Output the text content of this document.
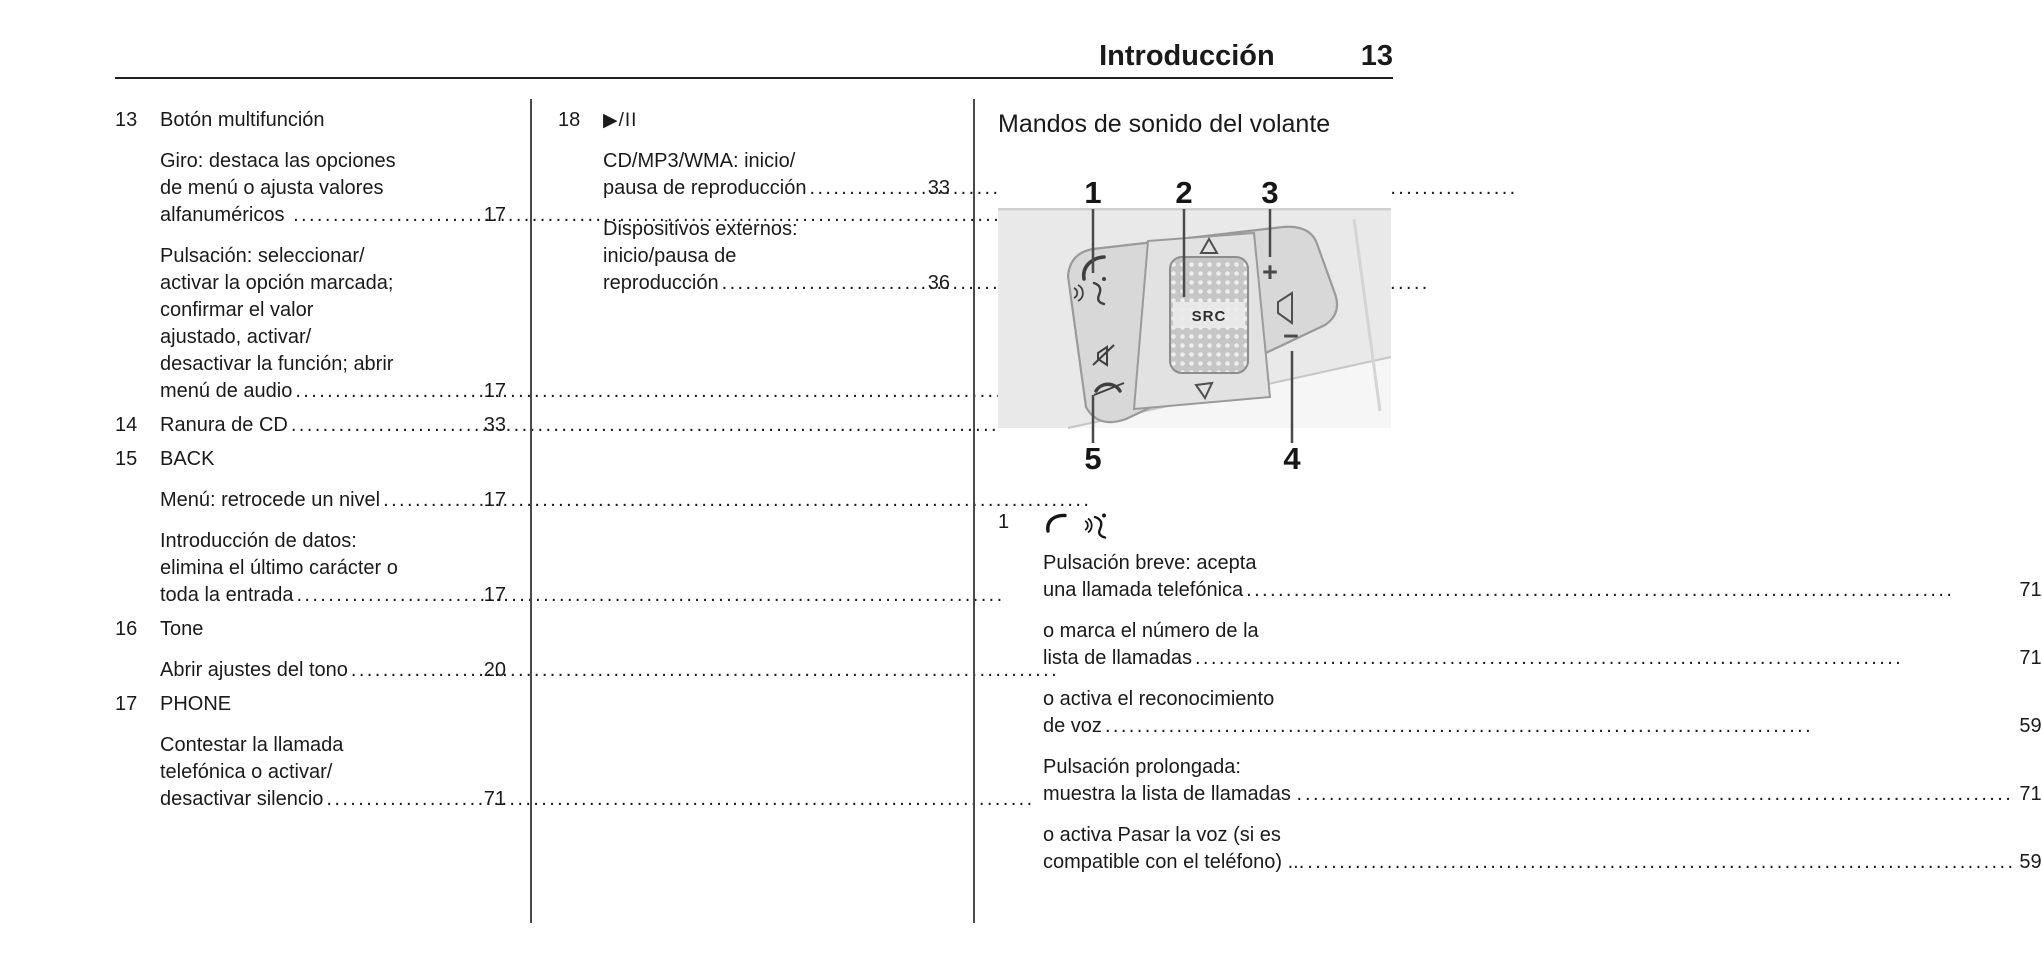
Introducción	13
13	Botón multifunción
Giro: destaca las opciones
de menú o ajusta valores
alfanuméricos .....	17
Pulsación: seleccionar/
activar la opción marcada;
confirmar el valor
ajustado, activar/
desactivar la función; abrir
menú de audio .....	17
14	Ranura de CD .....	33
15	BACK
Menú: retrocede un nivel .....	17
Introducción de datos:
elimina el último carácter o
toda la entrada .....	17
16	Tone
Abrir ajustes del tono .....	20
17	PHONE
Contestar la llamada
telefónica o activar/
desactivar silencio .....	71
18	▶/II
CD/MP3/WMA: inicio/
pausa de reproducción .....	33
Dispositivos externos:
inicio/pausa de
reproducción .....	36
Mandos de sonido del volante
SRC
+
−
1 2 3
5	4
1
Pulsación breve: acepta
una llamada telefónica .....	71
o marca el número de la
lista de llamadas .....	71
o activa el reconocimiento
de voz .....	59
Pulsación prolongada:
muestra la lista de llamadas . .....	71
o activa Pasar la voz (si es
compatible con el teléfono) ... .....	59
